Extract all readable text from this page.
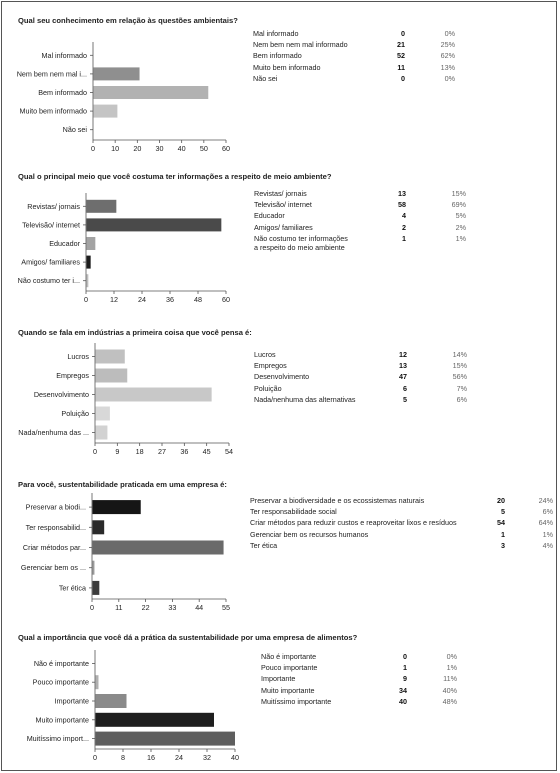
Qual seu conhecimento em relação às questões ambientais?
Mal informado
Nem bem nem mal i...
Bem informado
Muito bem informado
Não sei
0 10 20 30 40 50 60
Mal informado	0	0%
Nem bem nem mal informado	21	25%
Bem informado	52	62%
Muito bem informado	11	13%
Não sei	0	0%
Qual o principal meio que você costuma ter informações a respeito de meio ambiente?
Revistas/ jornais
Televisão/ internet
Educador
Amigos/ familiares
Não costumo ter i...
0	12	24	36	48	60
Revistas/ jornais	13	15%
Televisão/ internet	58	69%
Educador	4	5%
Amigos/ familiares	2	2%
Não costumo ter informações
a respeito do meio ambiente	1	1%
Quando se fala em indústrias a primeira coisa que você pensa é:
Lucros
Empregos
Desenvolvimento
Poluição
Nada/nenhuma das ...
0	9 18 27 36 45 54
Lucros	12	14%
Empregos	13	15%
Desenvolvimento	47	56%
Poluição	6	7%
Nada/nenhuma das alternativas	5	6%
Para você, sustentabilidade praticada em uma empresa é:
Preservar a biodi...
Ter responsabilid...
Criar métodos par...
Gerenciar bem os ...
Ter ética
0	11	22	33	44	55
Preservar a biodiversidade e os ecossistemas naturais	20	24%
Ter responsabilidade social	5	6%
Criar métodos para reduzir custos e reaproveitar lixos e resíduos	54	64%
Gerenciar bem os recursos humanos	1	1%
Ter ética	3	4%
Qual a importância que você dá a prática da sustentabilidade por uma empresa de alimentos?
Não é importante
Pouco importante
Importante
Muito importante
Muitíssimo import...
0	8	16	24	32	40
Não é importante	0	0%
Pouco importante	1	1%
Importante	9	11%
Muito importante	34	40%
Muitíssimo importante	40	48%
